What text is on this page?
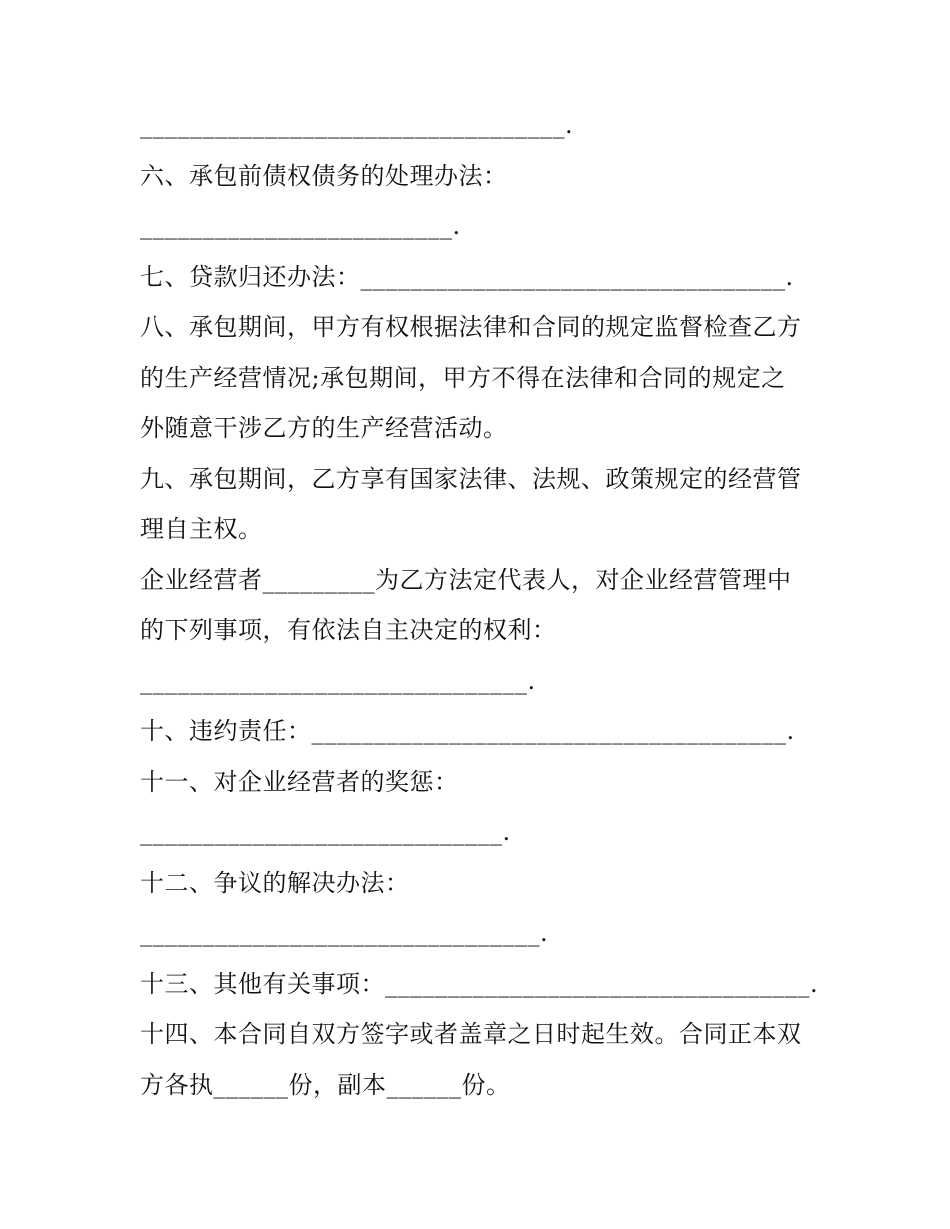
__________________________________.
六、承包前债权债务的处理办法：
_________________________.
七、贷款归还办法：__________________________________.
八、承包期间，甲方有权根据法律和合同的规定监督检查乙方
的生产经营情况;承包期间，甲方不得在法律和合同的规定之
外随意干涉乙方的生产经营活动。
九、承包期间，乙方享有国家法律、法规、政策规定的经营管
理自主权。
企业经营者_________为乙方法定代表人，对企业经营管理中
的下列事项，有依法自主决定的权利：
_______________________________.
十、违约责任：______________________________________.
十一、对企业经营者的奖惩：
_____________________________.
十二、争议的解决办法：
________________________________.
十三、其他有关事项：__________________________________.
十四、本合同自双方签字或者盖章之日时起生效。合同正本双
方各执______份，副本______份。
